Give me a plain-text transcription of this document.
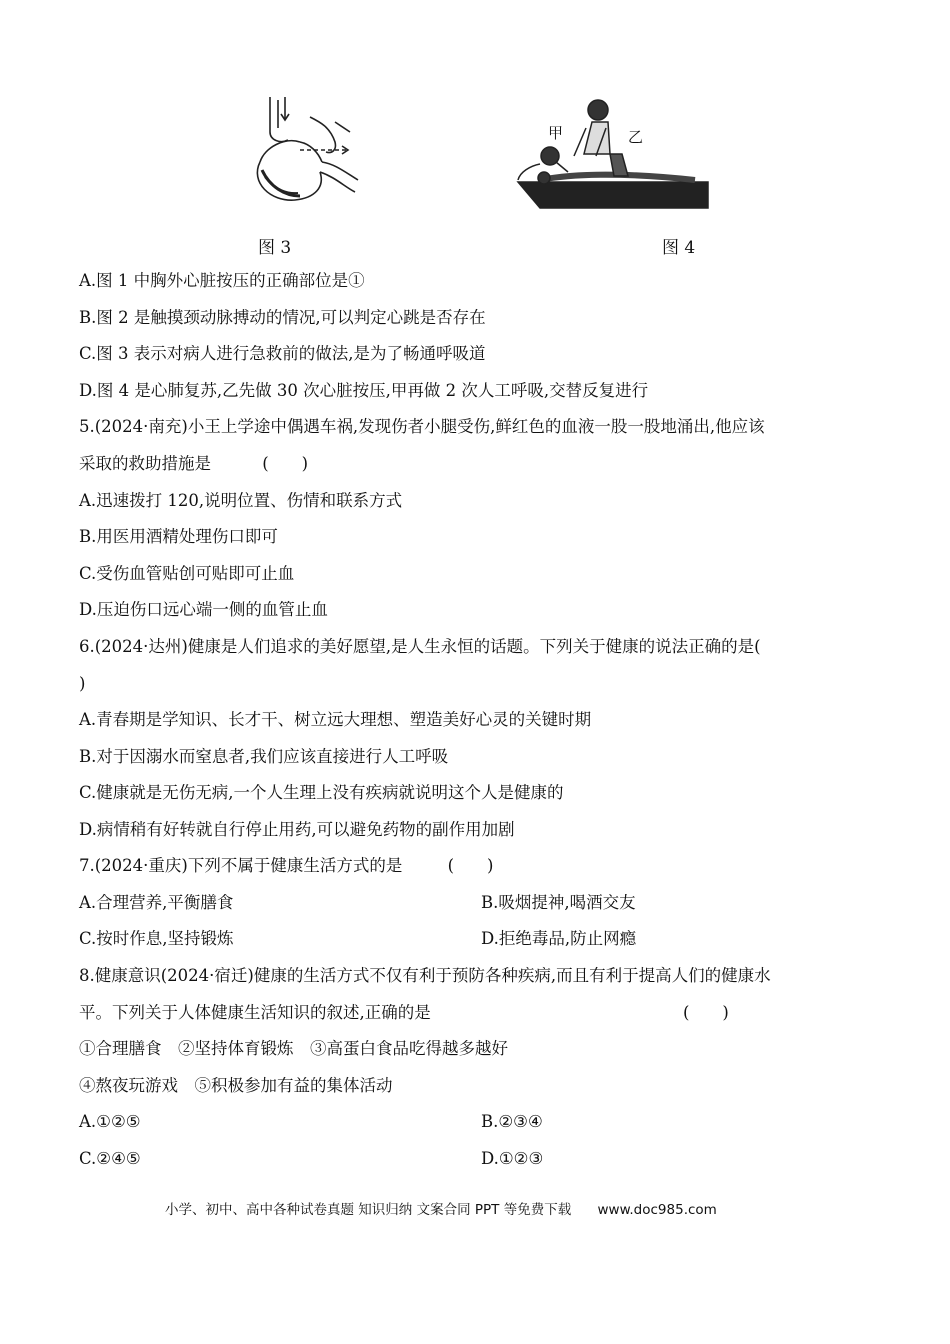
图 3
甲	乙
图 4
A.图 1 中胸外心脏按压的正确部位是①
B.图 2 是触摸颈动脉搏动的情况,可以判定心跳是否存在
C.图 3 表示对病人进行急救前的做法,是为了畅通呼吸道
D.图 4 是心肺复苏,乙先做 30 次心脏按压,甲再做 2 次人工呼吸,交替反复进行
5.(2024·南充)小王上学途中偶遇车祸,发现伤者小腿受伤,鲜红色的血液一股一股地涌出,他应该
采取的救助措施是	(　　)
A.迅速拨打 120,说明位置、伤情和联系方式
B.用医用酒精处理伤口即可
C.受伤血管贴创可贴即可止血
D.压迫伤口远心端一侧的血管止血
6.(2024·达州)健康是人们追求的美好愿望,是人生永恒的话题。下列关于健康的说法正确的是(
)
A.青春期是学知识、长才干、树立远大理想、塑造美好心灵的关键时期
B.对于因溺水而窒息者,我们应该直接进行人工呼吸
C.健康就是无伤无病,一个人生理上没有疾病就说明这个人是健康的
D.病情稍有好转就自行停止用药,可以避免药物的副作用加剧
7.(2024·重庆)下列不属于健康生活方式的是	(　　)
A.合理营养,平衡膳食	B.吸烟提神,喝酒交友
C.按时作息,坚持锻炼	D.拒绝毒品,防止网瘾
8.健康意识(2024·宿迁)健康的生活方式不仅有利于预防各种疾病,而且有利于提高人们的健康水
平。下列关于人体健康生活知识的叙述,正确的是	(　　)
①合理膳食　②坚持体育锻炼　③高蛋白食品吃得越多越好
④熬夜玩游戏　⑤积极参加有益的集体活动
A.①②⑤	B.②③④
C.②④⑤	D.①②③
小学、初中、高中各种试卷真题 知识归纳 文案合同 PPT 等免费下载 www.doc985.com
